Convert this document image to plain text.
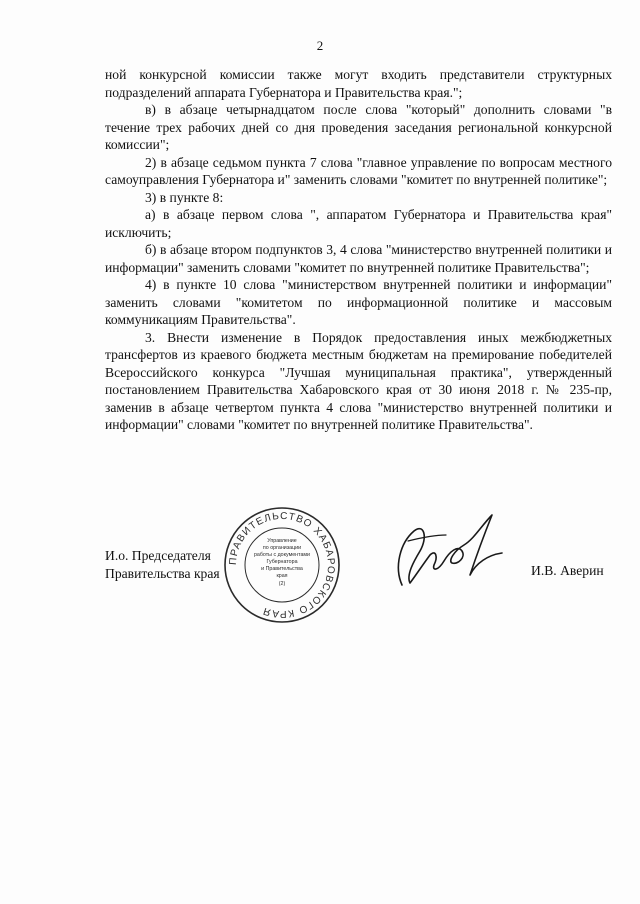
2

ной конкурсной комиссии также могут входить представители структурных подразделений аппарата Губернатора и Правительства края.";

в) в абзаце четырнадцатом после слова "который" дополнить словами "в течение трех рабочих дней со дня проведения заседания региональной конкурсной комиссии";

2) в абзаце седьмом пункта 7 слова "главное управление по вопросам местного самоуправления Губернатора и" заменить словами "комитет по внутренней политике";

3) в пункте 8:

а) в абзаце первом слова ", аппаратом Губернатора и Правительства края" исключить;

б) в абзаце втором подпунктов 3, 4 слова "министерство внутренней политики и информации" заменить словами "комитет по внутренней политике Правительства";

4) в пункте 10 слова "министерством внутренней политики и информации" заменить словами "комитетом по информационной политике и массовым коммуникациям Правительства".

3. Внести изменение в Порядок предоставления иных межбюджетных трансфертов из краевого бюджета местным бюджетам на премирование победителей Всероссийского конкурса "Лучшая муниципальная практика", утвержденный постановлением Правительства Хабаровского края от 30 июня 2018 г. № 235-пр, заменив в абзаце четвертом пункта 4 слова "министерство внутренней политики и информации" словами "комитет по внутренней политике Правительства".

И.о. Председателя
Правительства края
ПРАВИТЕЛЬСТВО ХАБАРОВСКОГО КРАЯ
Управление
по организации
работы с документами
Губернатора
и Правительства
края
(2)
И.В. Аверин
